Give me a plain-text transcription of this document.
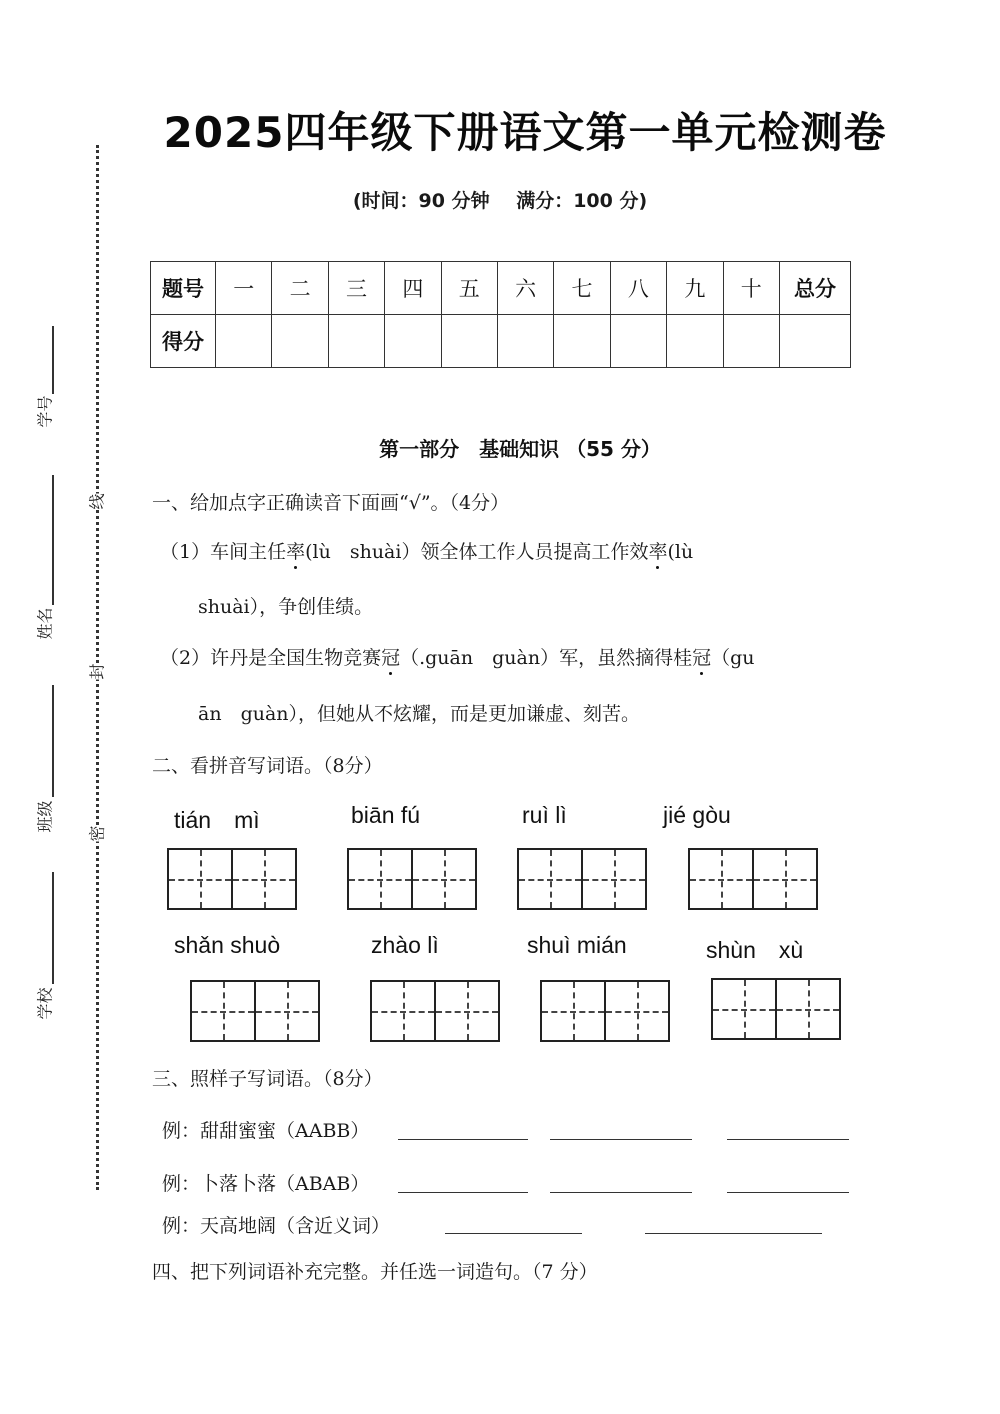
线
封
密
学号
姓名
班级
学校
2025四年级下册语文第一单元检测卷
(时间：90 分钟 满分：100 分)
题号	一	二	三	四	五	六	七	八	九	十	总分
得分											
第一部分　基础知识 （55 分）
一、给加点字正确读音下面画“√”。（4分）
（1）车间主任率(lù　shuài）领全体工作人员提高工作效率(lù
shuài），争创佳绩。
（2）许丹是全国生物竞赛冠（.guān　guàn）军，虽然摘得桂冠（gu
ān　guàn），但她从不炫耀，而是更加谦虚、刻苦。
二、看拼音写词语。（8分）
tián　mì	biān fú	ruì lì	jié gòu
shǎn shuò	zhào lì	shuì mián	shùn　xù
三、照样子写词语。（8分）
例：甜甜蜜蜜（AABB）
例：卜落卜落（ABAB）
例：天高地阔（含近义词）
四、把下列词语补充完整。并任选一词造句。（7 分）
